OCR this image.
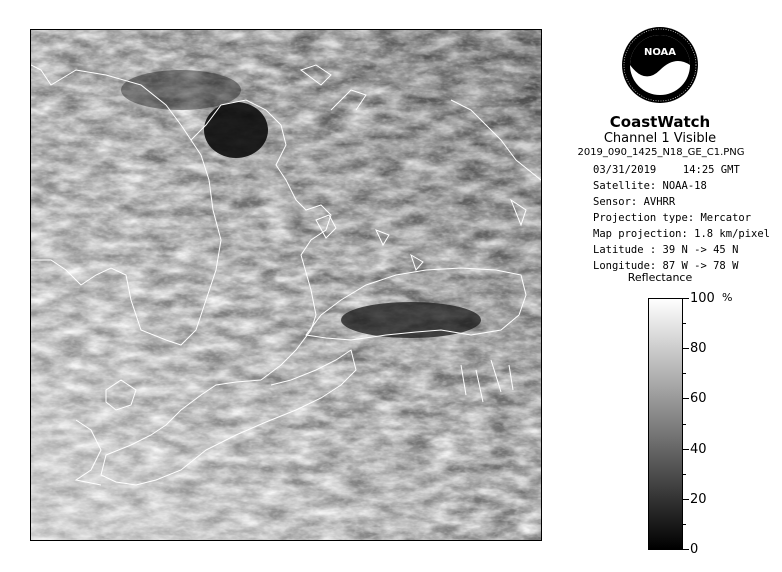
NOAA
CoastWatch
Channel 1 Visible
2019_090_1425_N18_GE_C1.PNG
03/31/2019	14:25 GMT
Satellite: NOAA-18
Sensor: AVHRR
Projection type: Mercator
Map projection: 1.8 km/pixel
Latitude : 39 N -> 45 N
Longitude: 87 W -> 78 W
Reflectance
%
100
80
60
40
20
0
